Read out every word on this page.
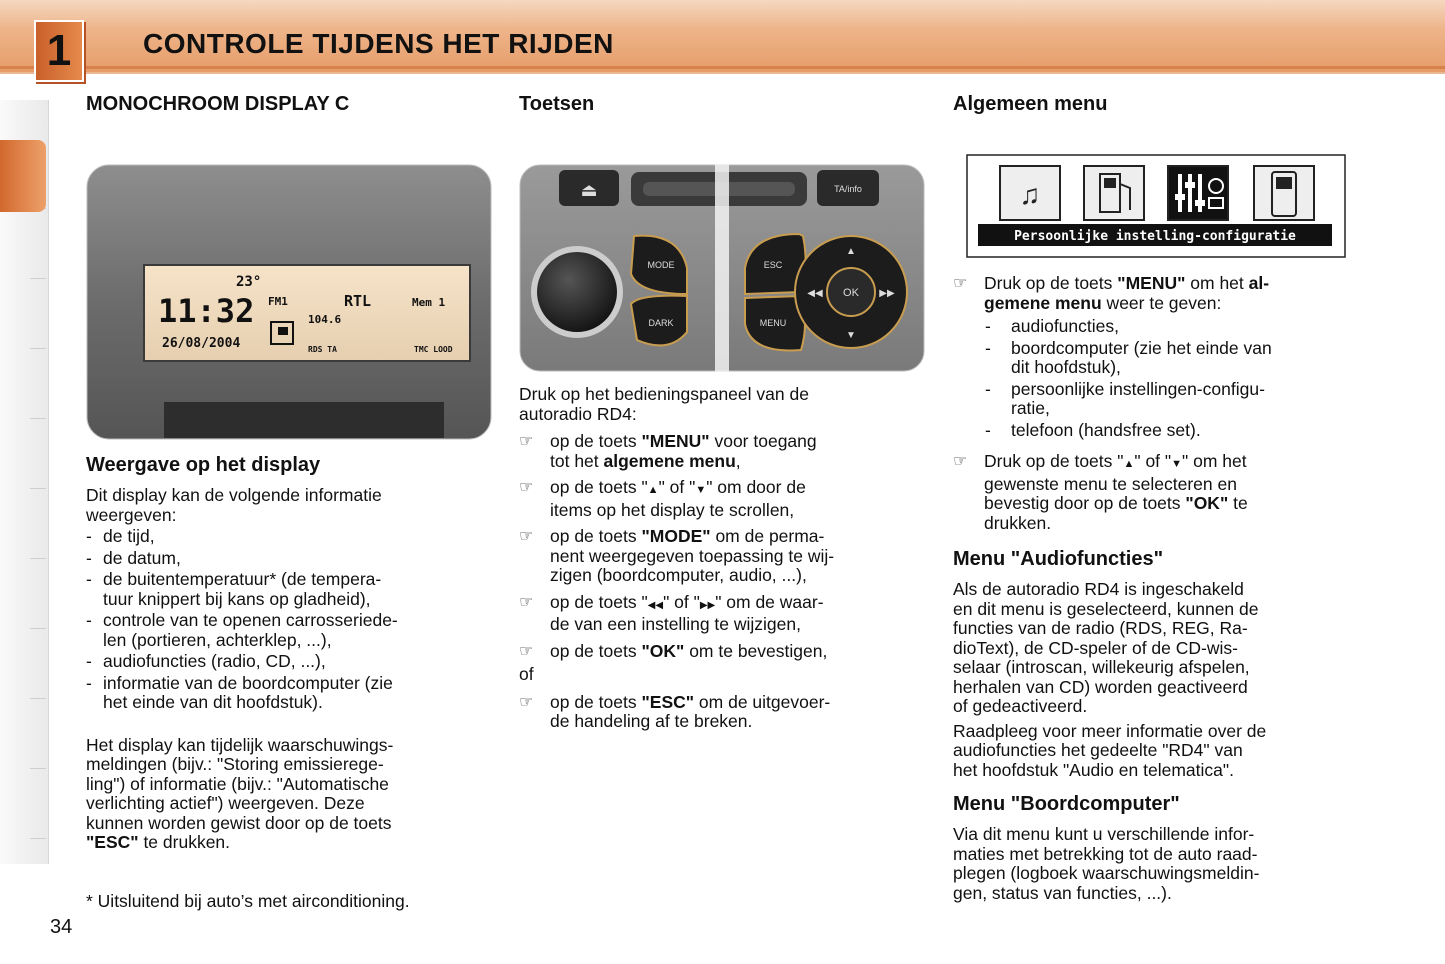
1	CONTROLE TIJDENS HET RIJDEN
MONOCHROOM DISPLAY C
23°
11:32
26/08/2004
FM1	RTL	Mem 1
104.6
RDS TA	TMC LOOD
Weergave op het display

Dit display kan de volgende informatie
weergeven:

- de tijd,
- de datum,
- de buitentemperatuur* (de tempera-
tuur knippert bij kans op gladheid),
- controle van te openen carrosseriede-
len (portieren, achterklep, ...),
- audiofuncties (radio, CD, ...),
- informatie van de boordcomputer (zie
het einde van dit hoofdstuk).

Het display kan tijdelijk waarschuwings-
meldingen (bijv.: "Storing emissierege-
ling") of informatie (bijv.: "Automatische
verlichting actief") weergeven. Deze
kunnen worden gewist door op de toets
"ESC" te drukken.

Toetsen
⏏	TA/info
MODE
DARK
ESC
MENU
OK
▲
▼
◀◀	▶▶

Druk op het bedieningspaneel van de
autoradio RD4:

☞ op de toets "MENU" voor toegang
tot het algemene menu,
☞ op de toets "▲" of "▼" om door de
items op het display te scrollen,
☞ op de toets "MODE" om de perma-
nent weergegeven toepassing te wij-
zigen (boordcomputer, audio, ...),
☞ op de toets "◀◀" of "▶▶" om de waar-
de van een instelling te wijzigen,
☞ op de toets "OK" om te bevestigen,

of

☞ op de toets "ESC" om de uitgevoer-
de handeling af te breken.
Algemeen menu
♫
Persoonlijke instelling-configuratie
☞ Druk op de toets "MENU" om het al-
gemene menu weer te geven:
- audiofuncties,
- boordcomputer (zie het einde van
dit hoofdstuk),
- persoonlijke instellingen-configu-
ratie,
- telefoon (handsfree set).
☞ Druk op de toets "▲" of "▼" om het
gewenste menu te selecteren en
bevestig door op de toets "OK" te
drukken.
Menu "Audiofuncties"

Als de autoradio RD4 is ingeschakeld
en dit menu is geselecteerd, kunnen de
functies van de radio (RDS, REG, Ra-
dioText), de CD-speler of de CD-wis-
selaar (introscan, willekeurig afspelen,
herhalen van CD) worden geactiveerd
of gedeactiveerd.

Raadpleeg voor meer informatie over de
audiofuncties het gedeelte "RD4" van
het hoofdstuk "Audio en telematica".

Menu "Boordcomputer"

Via dit menu kunt u verschillende infor-
maties met betrekking tot de auto raad-
plegen (logboek waarschuwingsmeldin-
gen, status van functies, ...).

* Uitsluitend bij auto’s met airconditioning.
34
